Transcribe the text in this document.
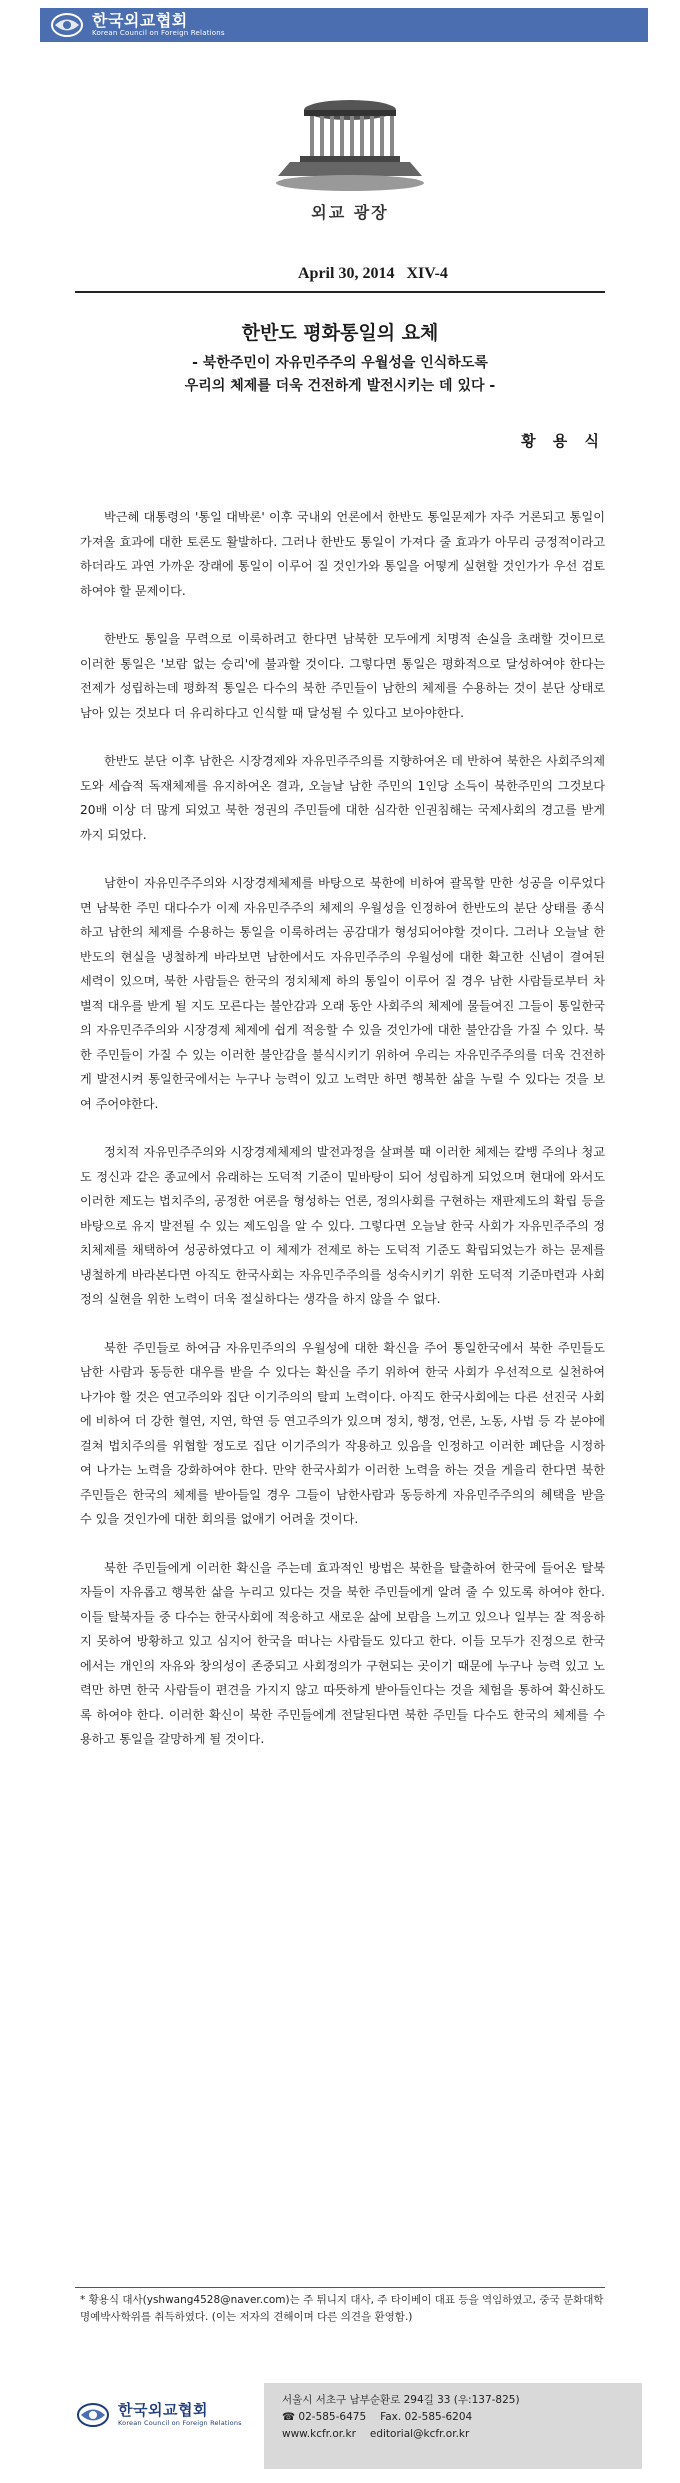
한국외교협회
Korean Council on Foreign Relations
외교 광장
April 30, 2014 XIV-4
한반도 평화통일의 요체
- 북한주민이 자유민주주의 우월성을 인식하도록
우리의 체제를 더욱 건전하게 발전시키는 데 있다 -
황 용 식

박근혜 대통령의 '통일 대박론' 이후 국내외 언론에서 한반도 통일문제가 자주 거론되고 통일이 가져올 효과에 대한 토론도 활발하다. 그러나 한반도 통일이 가져다 줄 효과가 아무리 긍정적이라고 하더라도 과연 가까운 장래에 통일이 이루어 질 것인가와 통일을 어떻게 실현할 것인가가 우선 검토하여야 할 문제이다.

한반도 통일을 무력으로 이룩하려고 한다면 남북한 모두에게 치명적 손실을 초래할 것이므로 이러한 통일은 '보람 없는 승리'에 불과할 것이다. 그렇다면 통일은 평화적으로 달성하여야 한다는 전제가 성립하는데 평화적 통일은 다수의 북한 주민들이 남한의 체제를 수용하는 것이 분단 상태로 남아 있는 것보다 더 유리하다고 인식할 때 달성될 수 있다고 보아야한다.

한반도 분단 이후 남한은 시장경제와 자유민주주의를 지향하여온 데 반하여 북한은 사회주의제도와 세습적 독재체제를 유지하여온 결과, 오늘날 남한 주민의 1인당 소득이 북한주민의 그것보다 20배 이상 더 많게 되었고 북한 정권의 주민들에 대한 심각한 인권침해는 국제사회의 경고를 받게까지 되었다.

남한이 자유민주주의와 시장경제체제를 바탕으로 북한에 비하여 괄목할 만한 성공을 이루었다면 남북한 주민 대다수가 이제 자유민주주의 체제의 우월성을 인정하여 한반도의 분단 상태를 종식하고 남한의 체제를 수용하는 통일을 이룩하려는 공감대가 형성되어야할 것이다. 그러나 오늘날 한반도의 현실을 냉철하게 바라보면 남한에서도 자유민주주의 우월성에 대한 확고한 신념이 결여된 세력이 있으며, 북한 사람들은 한국의 정치체제 하의 통일이 이루어 질 경우 남한 사람들로부터 차별적 대우를 받게 될 지도 모른다는 불안감과 오래 동안 사회주의 체제에 물들여진 그들이 통일한국의 자유민주주의와 시장경제 체제에 쉽게 적응할 수 있을 것인가에 대한 불안감을 가질 수 있다. 북한 주민들이 가질 수 있는 이러한 불안감을 불식시키기 위하여 우리는 자유민주주의를 더욱 건전하게 발전시켜 통일한국에서는 누구나 능력이 있고 노력만 하면 행복한 삶을 누릴 수 있다는 것을 보여 주어야한다.

정치적 자유민주주의와 시장경제체제의 발전과정을 살펴볼 때 이러한 체제는 칼뱅 주의나 청교도 정신과 같은 종교에서 유래하는 도덕적 기준이 밑바탕이 되어 성립하게 되었으며 현대에 와서도 이러한 제도는 법치주의, 공정한 여론을 형성하는 언론, 정의사회를 구현하는 재판제도의 확립 등을 바탕으로 유지 발전될 수 있는 제도임을 알 수 있다. 그렇다면 오늘날 한국 사회가 자유민주주의 정치체제를 채택하여 성공하였다고 이 체제가 전제로 하는 도덕적 기준도 확립되었는가 하는 문제를 냉철하게 바라본다면 아직도 한국사회는 자유민주주의를 성숙시키기 위한 도덕적 기준마련과 사회정의 실현을 위한 노력이 더욱 절실하다는 생각을 하지 않을 수 없다.

북한 주민들로 하여금 자유민주의의 우월성에 대한 확신을 주어 통일한국에서 북한 주민들도 남한 사람과 동등한 대우를 받을 수 있다는 확신을 주기 위하여 한국 사회가 우선적으로 실천하여 나가야 할 것은 연고주의와 집단 이기주의의 탈피 노력이다. 아직도 한국사회에는 다른 선진국 사회에 비하여 더 강한 혈연, 지연, 학연 등 연고주의가 있으며 정치, 행정, 언론, 노동, 사법 등 각 분야에 걸쳐 법치주의를 위협할 정도로 집단 이기주의가 작용하고 있음을 인정하고 이러한 폐단을 시정하여 나가는 노력을 강화하여야 한다. 만약 한국사회가 이러한 노력을 하는 것을 게을리 한다면 북한주민들은 한국의 체제를 받아들일 경우 그들이 남한사람과 동등하게 자유민주주의의 혜택을 받을 수 있을 것인가에 대한 회의를 없애기 어려울 것이다.

북한 주민들에게 이러한 확신을 주는데 효과적인 방법은 북한을 탈출하여 한국에 들어온 탈북자들이 자유롭고 행복한 삶을 누리고 있다는 것을 북한 주민들에게 알려 줄 수 있도록 하여야 한다. 이들 탈북자들 중 다수는 한국사회에 적응하고 새로운 삶에 보람을 느끼고 있으나 일부는 잘 적응하지 못하여 방황하고 있고 심지어 한국을 떠나는 사람들도 있다고 한다. 이들 모두가 진정으로 한국에서는 개인의 자유와 창의성이 존중되고 사회정의가 구현되는 곳이기 때문에 누구나 능력 있고 노력만 하면 한국 사람들이 편견을 가지지 않고 따뜻하게 받아들인다는 것을 체험을 통하여 확신하도록 하여야 한다. 이러한 확신이 북한 주민들에게 전달된다면 북한 주민들 다수도 한국의 체제를 수용하고 통일을 갈망하게 될 것이다.

* 황용식 대사(yshwang4528@naver.com)는 주 튀니지 대사, 주 타이베이 대표 등을 역임하였고, 중국 문화대학 명예박사학위를 취득하였다. (이는 저자의 견해이며 다른 의견을 환영함.)
한국외교협회
Korean Council on Foreign Relations
서울시 서초구 남부순환로 294길 33 (우:137-825)
☎ 02-585-6475 Fax. 02-585-6204
www.kcfr.or.kr editorial@kcfr.or.kr
